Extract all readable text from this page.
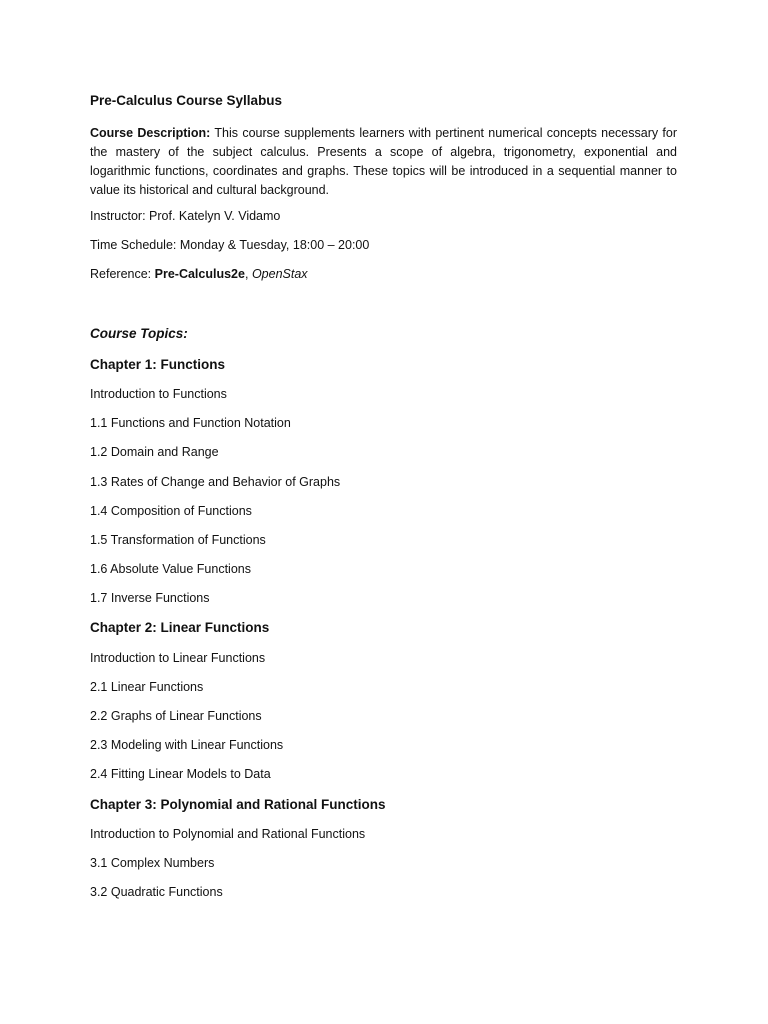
Pre-Calculus Course Syllabus
Course Description: This course supplements learners with pertinent numerical concepts necessary for the mastery of the subject calculus. Presents a scope of algebra, trigonometry, exponential and logarithmic functions, coordinates and graphs. These topics will be introduced in a sequential manner to value its historical and cultural background.
Instructor: Prof. Katelyn V. Vidamo
Time Schedule: Monday & Tuesday, 18:00 – 20:00
Reference: Pre-Calculus2e, OpenStax
Course Topics:
Chapter 1: Functions
Introduction to Functions
1.1 Functions and Function Notation
1.2 Domain and Range
1.3 Rates of Change and Behavior of Graphs
1.4 Composition of Functions
1.5 Transformation of Functions
1.6 Absolute Value Functions
1.7 Inverse Functions
Chapter 2: Linear Functions
Introduction to Linear Functions
2.1 Linear Functions
2.2 Graphs of Linear Functions
2.3 Modeling with Linear Functions
2.4 Fitting Linear Models to Data
Chapter 3: Polynomial and Rational Functions
Introduction to Polynomial and Rational Functions
3.1 Complex Numbers
3.2 Quadratic Functions
